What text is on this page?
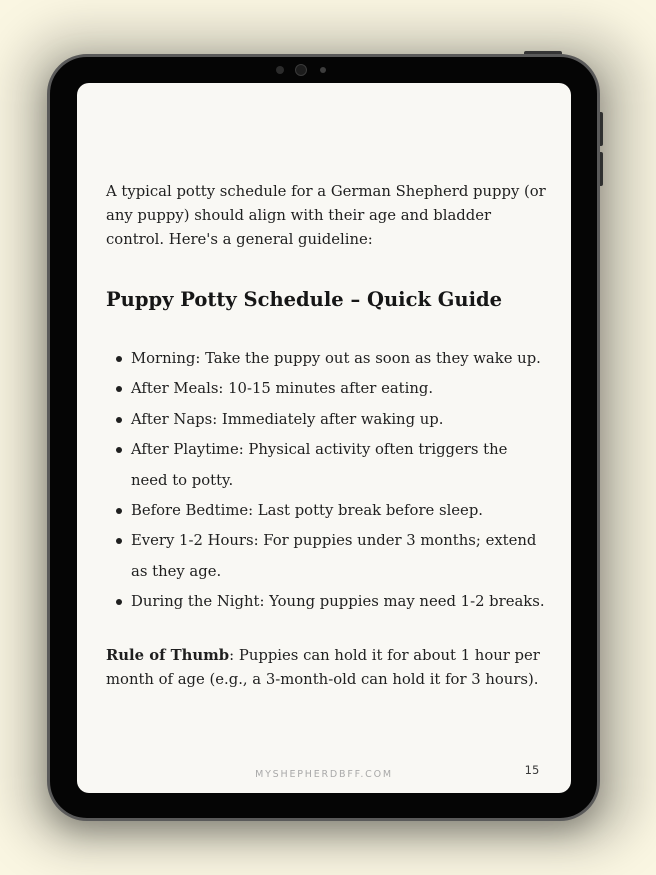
A typical potty schedule for a German Shepherd puppy (or any puppy) should align with their age and bladder control. Here's a general guideline:

Puppy Potty Schedule – Quick Guide
Morning: Take the puppy out as soon as they wake up.
After Meals: 10-15 minutes after eating.
After Naps: Immediately after waking up.
After Playtime: Physical activity often triggers the need to potty.
Before Bedtime: Last potty break before sleep.
Every 1-2 Hours: For puppies under 3 months; extend as they age.
During the Night: Young puppies may need 1-2 breaks.

Rule of Thumb: Puppies can hold it for about 1 hour per month of age (e.g., a 3-month-old can hold it for 3 hours).

MYSHEPHERDBFF.COM	15
